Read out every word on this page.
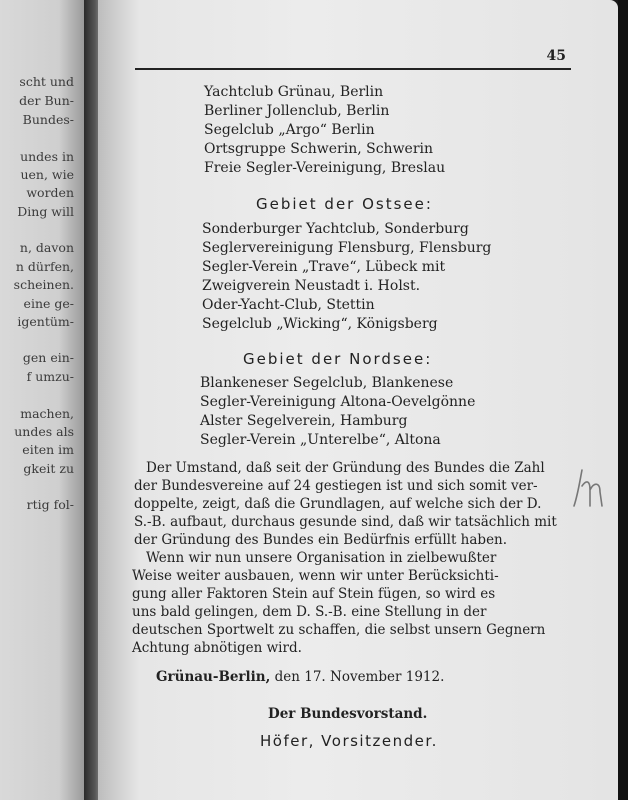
scht und
der Bun-
Bundes-
undes in
uen, wie
worden
Ding will
n, davon
n dürfen,
scheinen.
eine ge-
igentüm-
gen ein-
f umzu-
machen,
undes als
eiten im
gkeit zu
rtig fol-
45
Yachtclub Grünau, Berlin
Berliner Jollenclub, Berlin
Segelclub „Argo“ Berlin
Ortsgruppe Schwerin, Schwerin
Freie Segler-Vereinigung, Breslau
Gebiet der Ostsee:
Sonderburger Yachtclub, Sonderburg
Seglervereinigung Flensburg, Flensburg
Segler-Verein „Trave“, Lübeck mit
Zweigverein Neustadt i. Holst.
Oder-Yacht-Club, Stettin
Segelclub „Wicking“, Königsberg
Gebiet der Nordsee:
Blankeneser Segelclub, Blankenese
Segler-Vereinigung Altona-Oevelgönne
Alster Segelverein, Hamburg
Segler-Verein „Unterelbe“, Altona
Der Umstand, daß seit der Gründung des Bundes die Zahl
der Bundesvereine auf 24 gestiegen ist und sich somit ver-
doppelte, zeigt, daß die Grundlagen, auf welche sich der D.
S.-B. aufbaut, durchaus gesunde sind, daß wir tatsächlich mit
der Gründung des Bundes ein Bedürfnis erfüllt haben.
Wenn wir nun unsere Organisation in zielbewußter
Weise weiter ausbauen, wenn wir unter Berücksichti-
gung aller Faktoren Stein auf Stein fügen, so wird es
uns bald gelingen, dem D. S.-B. eine Stellung in der
deutschen Sportwelt zu schaffen, die selbst unsern Gegnern
Achtung abnötigen wird.
Grünau-Berlin, den 17. November 1912.
Der Bundesvorstand.
Höfer, Vorsitzender.
